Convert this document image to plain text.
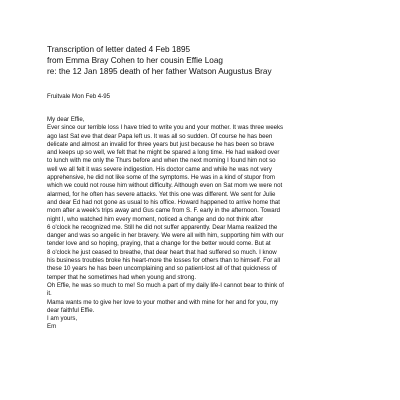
Transcription of letter dated 4 Feb 1895
from Emma Bray Cohen to her cousin Effie Loag
re: the 12 Jan 1895 death of her father Watson Augustus Bray
Fruitvale Mon Feb 4-95
My dear Effie,
Ever since our terrible loss I have tried to write you and your mother. It was three weeks
ago last Sat eve that dear Papa left us. It was all so sudden. Of course he has been
delicate and almost an invalid for three years but just because he has been so brave
and keeps up so well, we felt that he might be spared a long time. He had walked over
to lunch with me only the Thurs before and when the next morning I found him not so
well we all felt it was severe indigestion. His doctor came and while he was not very
apprehensive, he did not like some of the symptoms. He was in a kind of stupor from
which we could not rouse him without difficulty. Although even on Sat mom we were not
alarmed, for he often has severe attacks. Yet this one was different. We sent for Julie
and dear Ed had not gone as usual to his office. Howard happened to arrive home that
morn after a week's trips away and Gus came from S. F. early in the afternoon. Toward
night I, who watched him every moment, noticed a change and do not think after
6 o'clock he recognized me. Still he did not suffer apparently. Dear Mama realized the
danger and was so angelic in her bravery. We were all with him, supporting him with our
tender love and so hoping, praying, that a change for the better would come. But at
8 o'clock he just ceased to breathe, that dear heart that had suffered so much. I know
his business troubles broke his heart-more the losses for others than to himself. For all
these 10 years he has been uncomplaining and so patient-lost all of that quickness of
temper that he sometimes had when young and strong.
Oh Effie, he was so much to me! So much a part of my daily life-I cannot bear to think of
it.
Mama wants me to give her love to your mother and with mine for her and for you, my
dear faithful Effie.
I am yours,
Em
